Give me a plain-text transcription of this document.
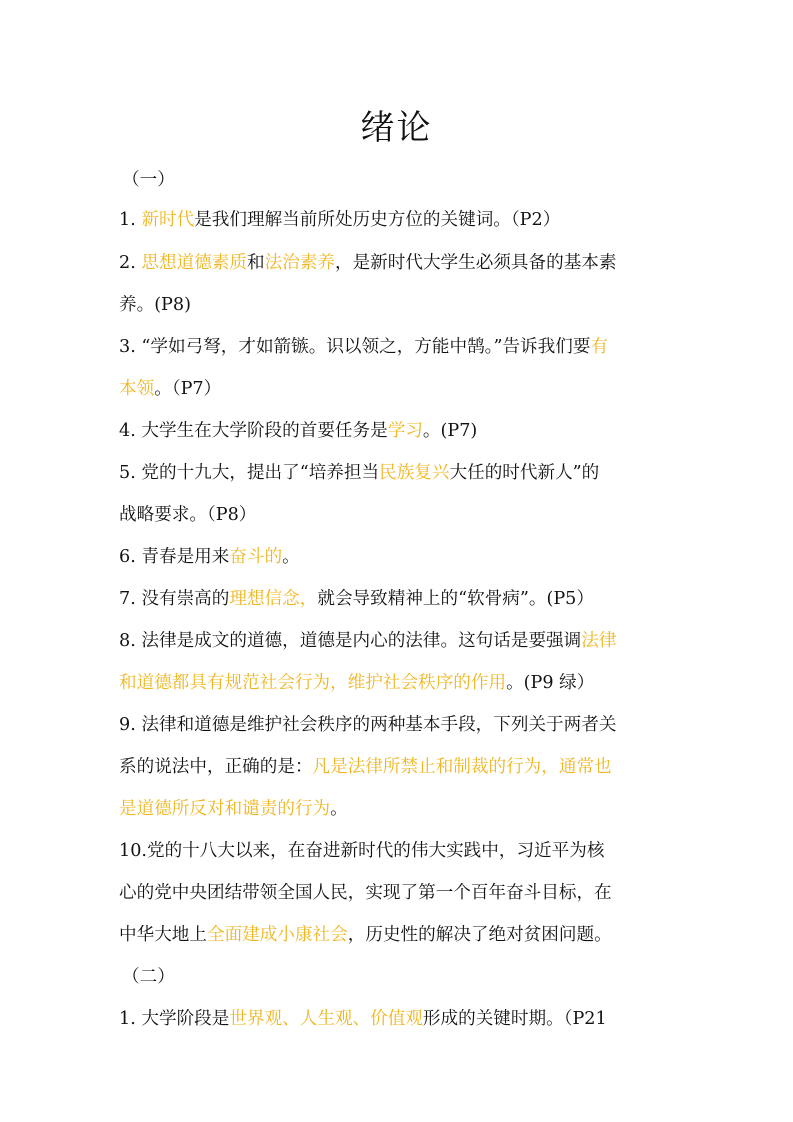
绪论
（一）
1. 新时代是我们理解当前所处历史方位的关键词。（P2）
2. 思想道德素质和法治素养，是新时代大学生必须具备的基本素
养。(P8)
3. “学如弓弩，才如箭镞。识以领之，方能中鹄。”告诉我们要有
本领。（P7）
4. 大学生在大学阶段的首要任务是学习。(P7)
5. 党的十九大，提出了“培养担当民族复兴大任的时代新人”的
战略要求。（P8）
6. 青春是用来奋斗的。
7. 没有崇高的理想信念，就会导致精神上的“软骨病”。(P5）
8. 法律是成文的道德，道德是内心的法律。这句话是要强调法律
和道德都具有规范社会行为，维护社会秩序的作用。(P9 绿）
9. 法律和道德是维护社会秩序的两种基本手段，下列关于两者关
系的说法中，正确的是：凡是法律所禁止和制裁的行为，通常也
是道德所反对和谴责的行为。
10.党的十八大以来，在奋进新时代的伟大实践中，习近平为核
心的党中央团结带领全国人民，实现了第一个百年奋斗目标，在
中华大地上全面建成小康社会，历史性的解决了绝对贫困问题。
（二）
1. 大学阶段是世界观、人生观、价值观形成的关键时期。（P21
